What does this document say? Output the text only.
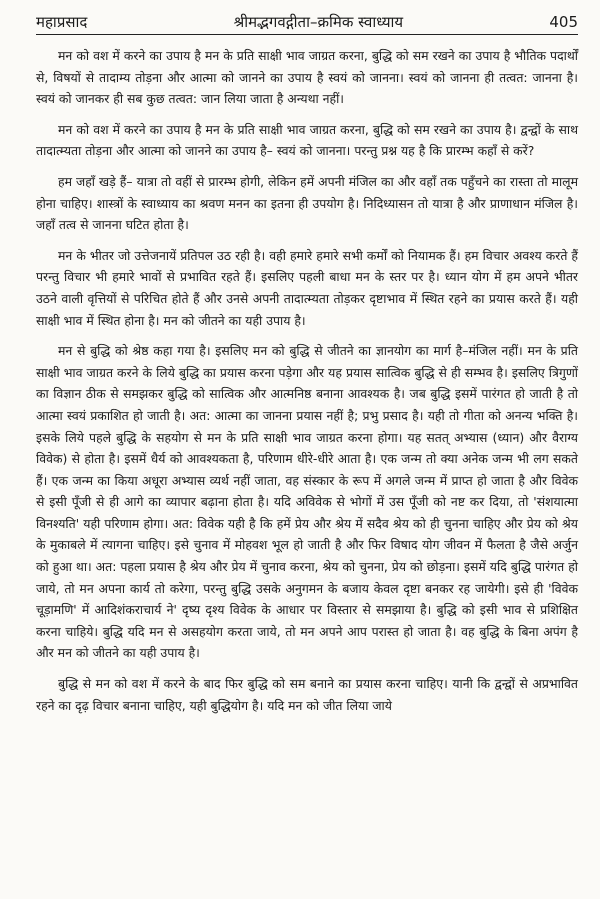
महाप्रसाद	श्रीमद्भगवद्गीता–क्रमिक स्वाध्याय	405

मन को वश में करने का उपाय है मन के प्रति साक्षी भाव जाग्रत करना, बुद्धि को सम रखने का उपाय है भौतिक पदार्थों से, विषयों से तादाम्य तोड़ना और आत्मा को जानने का उपाय है स्वयं को जानना। स्वयं को जानना ही तत्वत: जानना है। स्वयं को जानकर ही सब कुछ तत्वत: जान लिया जाता है अन्यथा नहीं।

मन को वश में करने का उपाय है मन के प्रति साक्षी भाव जाग्रत करना, बुद्धि को सम रखने का उपाय है। द्वन्द्वों के साथ तादात्म्यता तोड़ना और आत्मा को जानने का उपाय है– स्वयं को जानना। परन्तु प्रश्न यह है कि प्रारम्भ कहाँ से करें?

हम जहाँ खड़े हैं– यात्रा तो वहीं से प्रारम्भ होगी, लेकिन हमें अपनी मंजिल का और वहाँ तक पहुँचने का रास्ता तो मालूम होना चाहिए। शास्त्रों के स्वाध्याय का श्रवण मनन का इतना ही उपयोग है। निदिध्यासन तो यात्रा है और प्राणाधान मंजिल है। जहाँ तत्व से जानना घटित होता है।

मन के भीतर जो उत्तेजनायें प्रतिपल उठ रही है। वही हमारे हमारे सभी कर्मों को नियामक हैं। हम विचार अवश्य करते हैं परन्तु विचार भी हमारे भावों से प्रभावित रहते हैं। इसलिए पहली बाधा मन के स्तर पर है। ध्यान योग में हम अपने भीतर उठने वाली वृत्तियों से परिचित होते हैं और उनसे अपनी तादात्म्यता तोड़कर दृष्टाभाव में स्थित रहने का प्रयास करते हैं। यही साक्षी भाव में स्थित होना है। मन को जीतने का यही उपाय है।

मन से बुद्धि को श्रेष्ठ कहा गया है। इसलिए मन को बुद्धि से जीतने का ज्ञानयोग का मार्ग है–मंजिल नहीं। मन के प्रति साक्षी भाव जाग्रत करने के लिये बुद्धि का प्रयास करना पड़ेगा और यह प्रयास सात्विक बुद्धि से ही सम्भव है। इसलिए त्रिगुणों का विज्ञान ठीक से समझकर बुद्धि को सात्विक और आत्मनिष्ठ बनाना आवश्यक है। जब बुद्धि इसमें पारंगत हो जाती है तो आत्मा स्वयं प्रकाशित हो जाती है। अत: आत्मा का जानना प्रयास नहीं है; प्रभु प्रसाद है। यही तो गीता को अनन्य भक्ति है। इसके लिये पहले बुद्धि के सहयोग से मन के प्रति साक्षी भाव जाग्रत करना होगा। यह सतत् अभ्यास (ध्यान) और वैराग्य विवेक) से होता है। इसमें धैर्य को आवश्यकता है, परिणाम धीरे-धीरे आता है। एक जन्म तो क्या अनेक जन्म भी लग सकते हैं। एक जन्म का किया अधूरा अभ्यास व्यर्थ नहीं जाता, वह संस्कार के रूप में अगले जन्म में प्राप्त हो जाता है और विवेक से इसी पूँजी से ही आगे का व्यापार बढ़ाना होता है। यदि अविवेक से भोगों में उस पूँजी को नष्ट कर दिया, तो 'संशयात्मा विनश्यति' यही परिणाम होगा। अत: विवेक यही है कि हमें प्रेय और श्रेय में सदैव श्रेय को ही चुनना चाहिए और प्रेय को श्रेय के मुकाबले में त्यागना चाहिए। इसे चुनाव में मोहवश भूल हो जाती है और फिर विषाद योग जीवन में फैलता है जैसे अर्जुन को हुआ था। अत: पहला प्रयास है श्रेय और प्रेय में चुनाव करना, श्रेय को चुनना, प्रेय को छोड़ना। इसमें यदि बुद्धि पारंगत हो जाये, तो मन अपना कार्य तो करेगा, परन्तु बुद्धि उसके अनुगमन के बजाय केवल दृष्टा बनकर रह जायेगी। इसे ही 'विवेक चूड़ामणि' में आदिशंकराचार्य ने' दृष्य दृश्य विवेक के आधार पर विस्तार से समझाया है। बुद्धि को इसी भाव से प्रशिक्षित करना चाहिये। बुद्धि यदि मन से असहयोग करता जाये, तो मन अपने आप परास्त हो जाता है। वह बुद्धि के बिना अपंग है और मन को जीतने का यही उपाय है।

बुद्धि से मन को वश में करने के बाद फिर बुद्धि को सम बनाने का प्रयास करना चाहिए। यानी कि द्वन्द्वों से अप्रभावित रहने का दृढ़ विचार बनाना चाहिए, यही बुद्धियोग है। यदि मन को जीत लिया जाये
